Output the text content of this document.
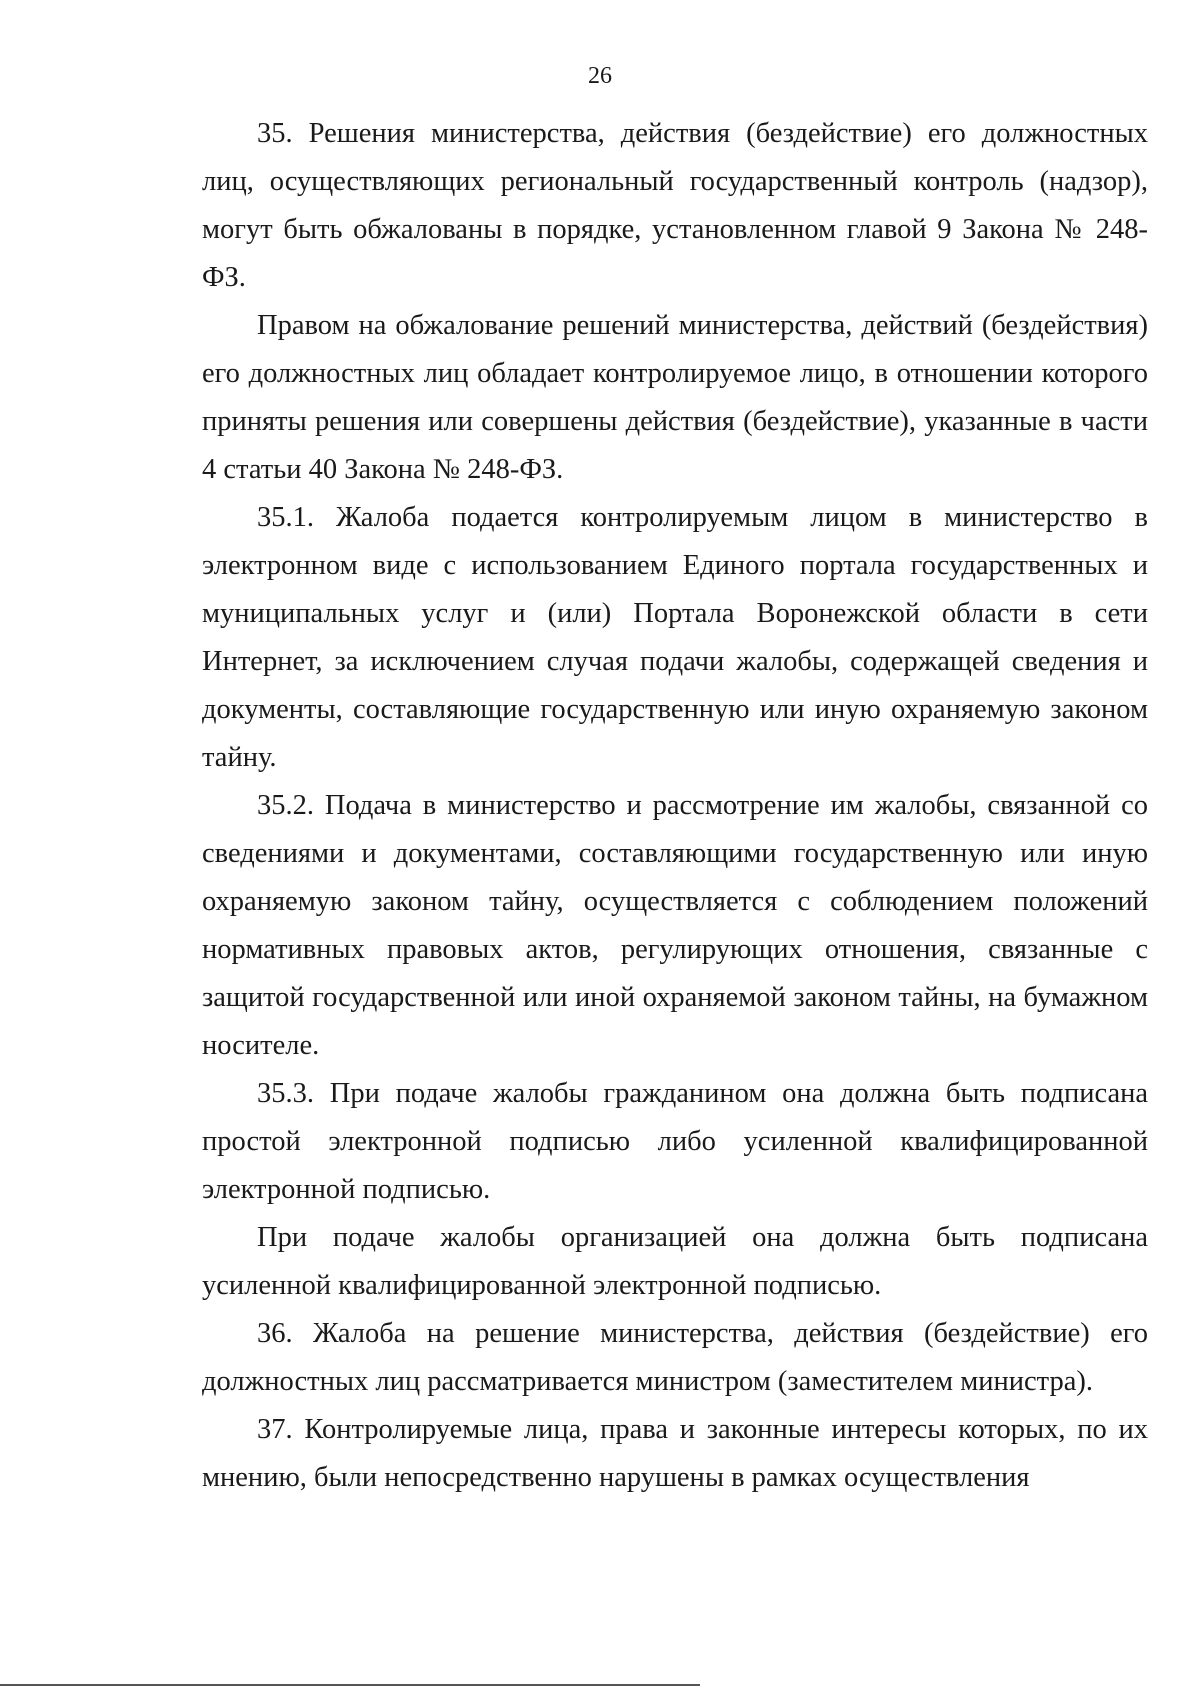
26

35. Решения министерства, действия (бездействие) его должностных лиц, осуществляющих региональный государственный контроль (надзор), могут быть обжалованы в порядке, установленном главой 9 Закона № 248-ФЗ.

Правом на обжалование решений министерства, действий (бездействия) его должностных лиц обладает контролируемое лицо, в отношении которого приняты решения или совершены действия (бездействие), указанные в части 4 статьи 40 Закона № 248-ФЗ.

35.1. Жалоба подается контролируемым лицом в министерство в электронном виде с использованием Единого портала государственных и муниципальных услуг и (или) Портала Воронежской области в сети Интернет, за исключением случая подачи жалобы, содержащей сведения и документы, составляющие государственную или иную охраняемую законом тайну.

35.2. Подача в министерство и рассмотрение им жалобы, связанной со сведениями и документами, составляющими государственную или иную охраняемую законом тайну, осуществляется с соблюдением положений нормативных правовых актов, регулирующих отношения, связанные с защитой государственной или иной охраняемой законом тайны, на бумажном носителе.

35.3. При подаче жалобы гражданином она должна быть подписана простой электронной подписью либо усиленной квалифицированной электронной подписью.

При подаче жалобы организацией она должна быть подписана усиленной квалифицированной электронной подписью.

36. Жалоба на решение министерства, действия (бездействие) его должностных лиц рассматривается министром (заместителем министра).

37. Контролируемые лица, права и законные интересы которых, по их мнению, были непосредственно нарушены в рамках осуществления
